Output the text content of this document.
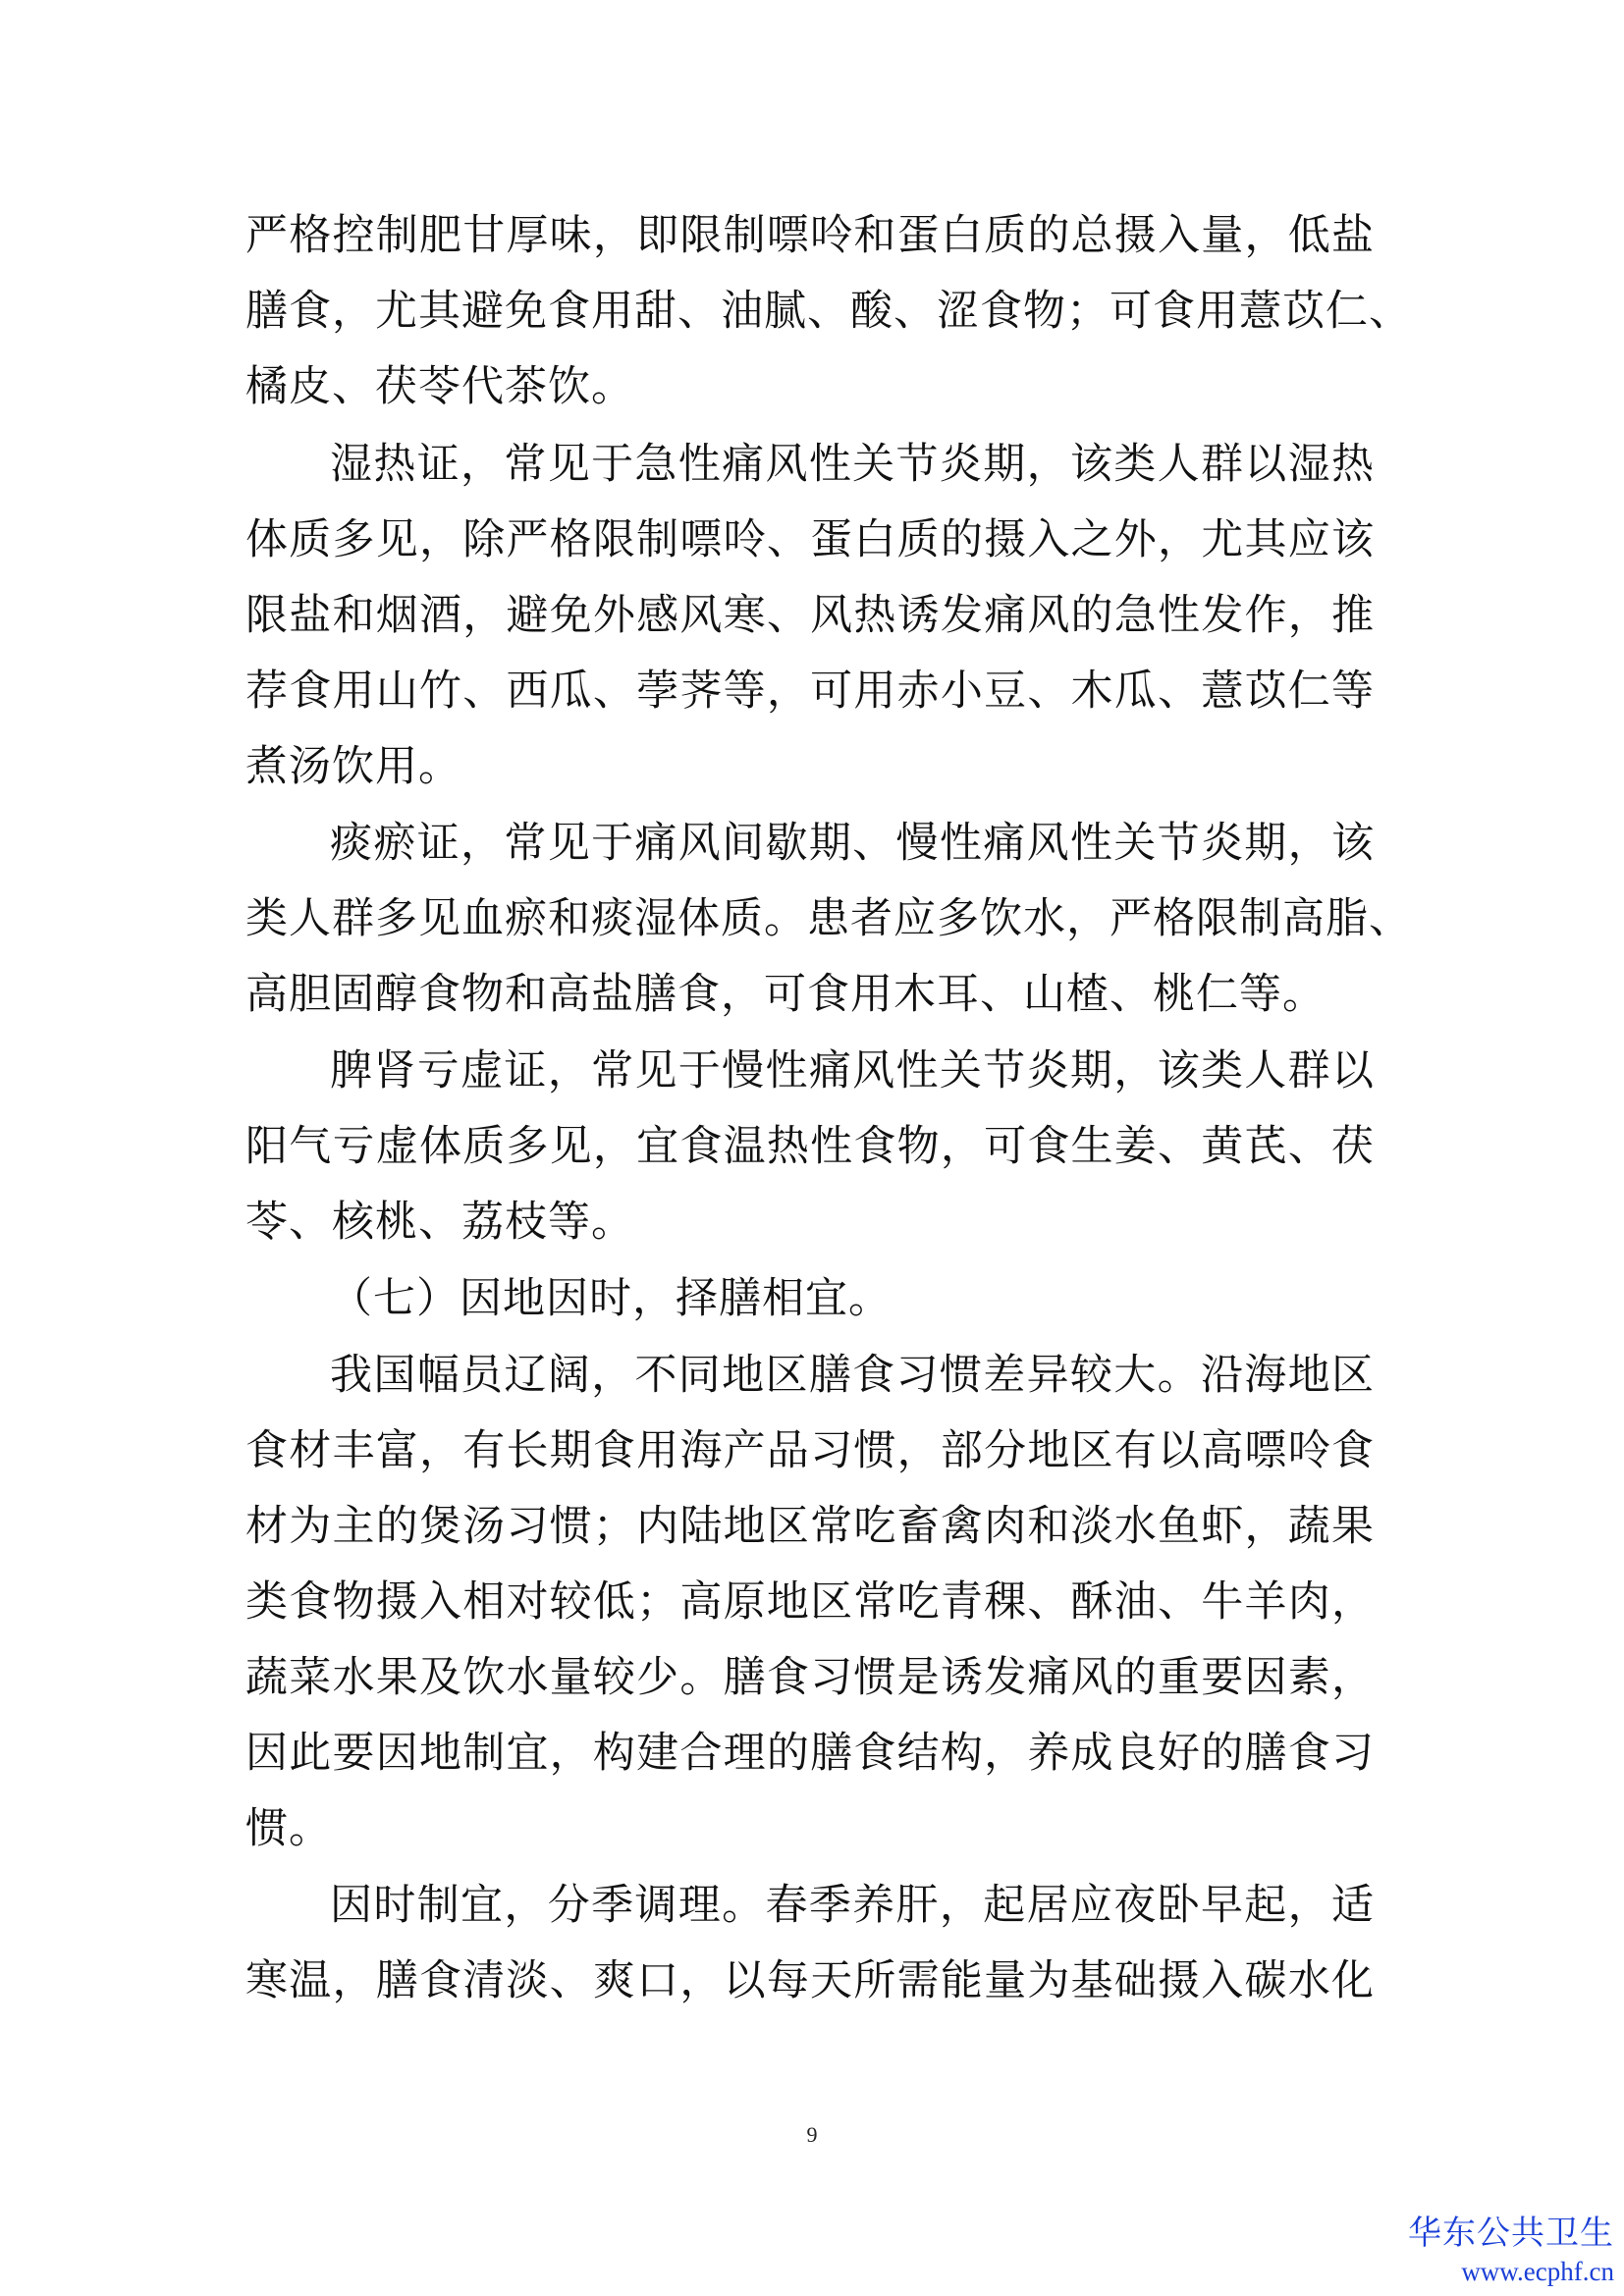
严格控制肥甘厚味，即限制嘌呤和蛋白质的总摄入量，低盐
膳食，尤其避免食用甜、油腻、酸、涩食物；可食用薏苡仁、
橘皮、茯苓代茶饮。
湿热证，常见于急性痛风性关节炎期，该类人群以湿热
体质多见，除严格限制嘌呤、蛋白质的摄入之外，尤其应该
限盐和烟酒，避免外感风寒、风热诱发痛风的急性发作，推
荐食用山竹、西瓜、荸荠等，可用赤小豆、木瓜、薏苡仁等
煮汤饮用。
痰瘀证，常见于痛风间歇期、慢性痛风性关节炎期，该
类人群多见血瘀和痰湿体质。患者应多饮水，严格限制高脂、
高胆固醇食物和高盐膳食，可食用木耳、山楂、桃仁等。
脾肾亏虚证，常见于慢性痛风性关节炎期，该类人群以
阳气亏虚体质多见，宜食温热性食物，可食生姜、黄芪、茯
苓、核桃、荔枝等。
（七）因地因时，择膳相宜。
我国幅员辽阔，不同地区膳食习惯差异较大。沿海地区
食材丰富，有长期食用海产品习惯，部分地区有以高嘌呤食
材为主的煲汤习惯；内陆地区常吃畜禽肉和淡水鱼虾，蔬果
类食物摄入相对较低；高原地区常吃青稞、酥油、牛羊肉，
蔬菜水果及饮水量较少。膳食习惯是诱发痛风的重要因素，
因此要因地制宜，构建合理的膳食结构，养成良好的膳食习
惯。
因时制宜，分季调理。春季养肝，起居应夜卧早起，适
寒温，膳食清淡、爽口，以每天所需能量为基础摄入碳水化
9
华东公共卫生
www.ecphf.cn
